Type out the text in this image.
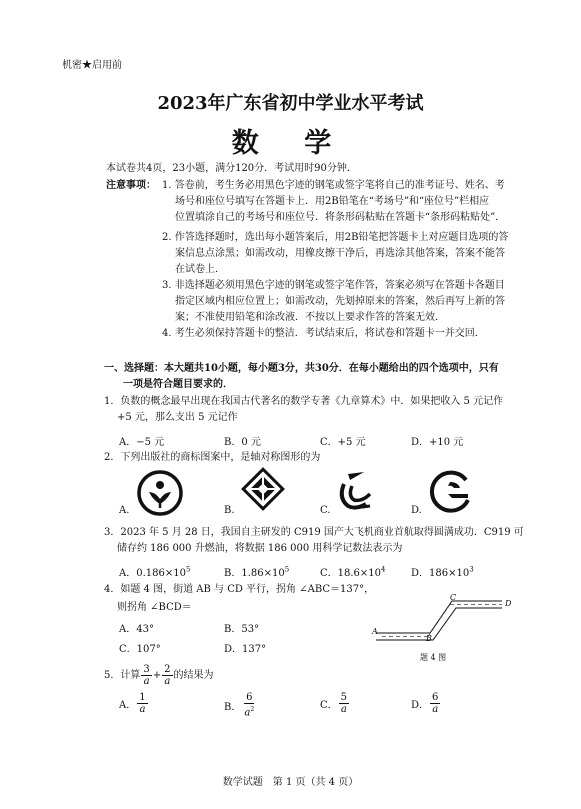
机密★启用前
2023年广东省初中学业水平考试
数 学
本试卷共4页，23小题，满分120分．考试用时90分钟．
注意事项： 1. 答卷前，考生务必用黑色字迹的钢笔或签字笔将自己的准考证号、姓名、考
场号和座位号填写在答题卡上．用2B铅笔在“考场号”和“座位号”栏相应
位置填涂自己的考场号和座位号．将条形码粘贴在答题卡“条形码粘贴处”．
2. 作答选择题时，选出每小题答案后，用2B铅笔把答题卡上对应题目选项的答
案信息点涂黑；如需改动，用橡皮擦干净后，再选涂其他答案，答案不能答
在试卷上．
3. 非选择题必须用黑色字迹的钢笔或签字笔作答，答案必须写在答题卡各题目
指定区域内相应位置上；如需改动，先划掉原来的答案，然后再写上新的答
案；不准使用铅笔和涂改液．不按以上要求作答的答案无效．
4. 考生必须保持答题卡的整洁．考试结束后，将试卷和答题卡一并交回．
一、选择题：本大题共10小题，每小题3分，共30分．在每小题给出的四个选项中，只有
一项是符合题目要求的．
1．负数的概念最早出现在我国古代著名的数学专著《九章算术》中．如果把收入 5 元记作
+5 元，那么支出 5 元记作
A．−5 元	B．0 元	C．+5 元	D．+10 元
2．下列出版社的商标图案中，是轴对称图形的为
A.	B.	C.	D.
3．2023 年 5 月 28 日，我国自主研发的 C919 国产大飞机商业首航取得圆满成功．C919 可
储存约 186 000 升燃油，将数据 186 000 用科学记数法表示为
A．$0.186\times 10^5$	B．$1.86\times 10^5$	C．$18.6\times 10^4$	D．$186\times 10^3$
4．如题 4 图，街道 AB 与 CD 平行，拐角 ∠ABC＝137°，
则拐角 ∠BCD＝
A．43°	B．53°
C．107°	D．137°
A
B
C
D
题 4 图
5．计算 $\frac{3}{a} + \frac{2}{a}$ 的结果为
A． $\frac{1}{a}$	B． $\frac{6}{a^2}$	C． $\frac{5}{a}$	D． $\frac{6}{a}$
数学试题　第 1 页（共 4 页）
